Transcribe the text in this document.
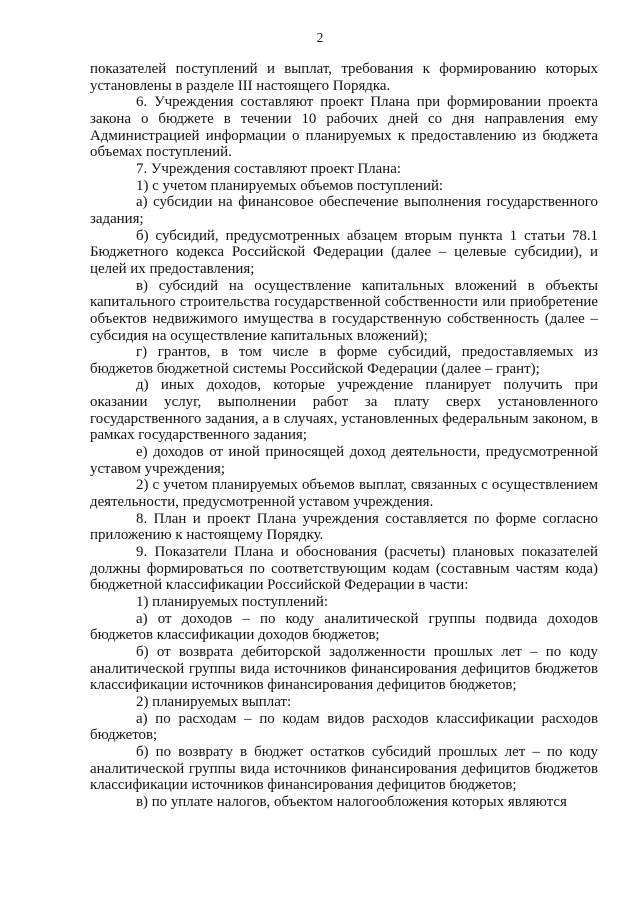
2

показателей поступлений и выплат, требования к формированию которых установлены в разделе III настоящего Порядка.

6. Учреждения составляют проект Плана при формировании проекта закона о бюджете в течении 10 рабочих дней со дня направления ему Администрацией информации о планируемых к предоставлению из бюджета объемах поступлений.

7. Учреждения составляют проект Плана:

1) с учетом планируемых объемов поступлений:

а) субсидии на финансовое обеспечение выполнения государственного задания;

б) субсидий, предусмотренных абзацем вторым пункта 1 статьи 78.1 Бюджетного кодекса Российской Федерации (далее – целевые субсидии), и целей их предоставления;

в) субсидий на осуществление капитальных вложений в объекты капитального строительства государственной собственности или приобретение объектов недвижимого имущества в государственную собственность (далее – субсидия на осуществление капитальных вложений);

г) грантов, в том числе в форме субсидий, предоставляемых из бюджетов бюджетной системы Российской Федерации (далее – грант);

д) иных доходов, которые учреждение планирует получить при оказании услуг, выполнении работ за плату сверх установленного государственного задания, а в случаях, установленных федеральным законом, в рамках государственного задания;

е) доходов от иной приносящей доход деятельности, предусмотренной уставом учреждения;

2) с учетом планируемых объемов выплат, связанных с осуществлением деятельности, предусмотренной уставом учреждения.

8. План и проект Плана учреждения составляется по форме согласно приложению к настоящему Порядку.

9. Показатели Плана и обоснования (расчеты) плановых показателей должны формироваться по соответствующим кодам (составным частям кода) бюджетной классификации Российской Федерации в части:

1) планируемых поступлений:

а) от доходов – по коду аналитической группы подвида доходов бюджетов классификации доходов бюджетов;

б) от возврата дебиторской задолженности прошлых лет – по коду аналитической группы вида источников финансирования дефицитов бюджетов классификации источников финансирования дефицитов бюджетов;

2) планируемых выплат:

а) по расходам – по кодам видов расходов классификации расходов бюджетов;

б) по возврату в бюджет остатков субсидий прошлых лет – по коду аналитической группы вида источников финансирования дефицитов бюджетов классификации источников финансирования дефицитов бюджетов;

в) по уплате налогов, объектом налогообложения которых являются
